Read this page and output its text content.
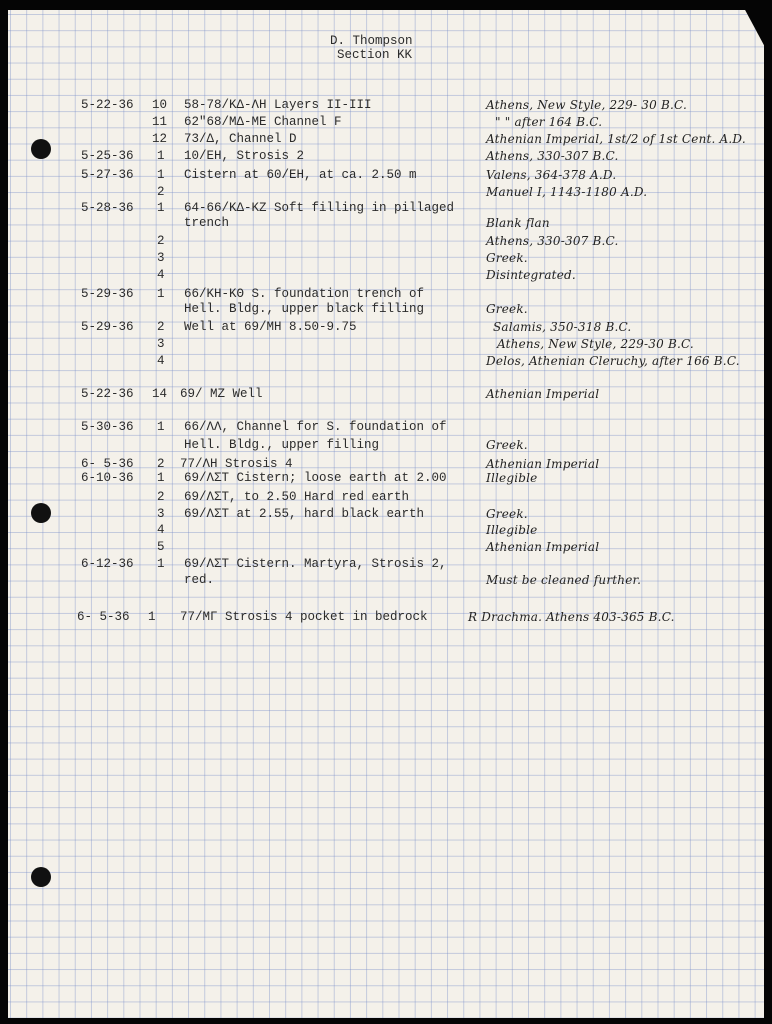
D. Thompson
Section KK
5-22-36 10 58-78/KΔ-ΛH Layers II-III	Athens, New Style, 229- 30 B.C.
11 62"68/MΔ-ME Channel F	" " after 164 B.C.
12 73/Δ, Channel D	Athenian Imperial, 1st/2 of 1st Cent. A.D.
5-25-36 1 10/EH, Strosis 2	Athens, 330-307 B.C.
5-27-36 1 Cistern at 60/EH, at ca. 2.50 m	Valens, 364-378 A.D.
2	Manuel I, 1143-1180 A.D.
5-28-36 1 64-66/KΔ-KZ Soft filling in pillaged
trench	Blank flan
2	Athens, 330-307 B.C.
3	Greek.
4	Disintegrated.
5-29-36 1 66/KH-KΘ S. foundation trench of
Hell. Bldg., upper black filling	Greek.
5-29-36 2 Well at 69/MH 8.50-9.75	Salamis, 350-318 B.C.
3	Athens, New Style, 229-30 B.C.
4	Delos, Athenian Cleruchy, after 166 B.C.
5-22-36 14 69/ MZ Well	Athenian Imperial
5-30-36 1 66/ΛΛ, Channel for S. foundation of
Hell. Bldg., upper filling	Greek.
6- 5-36 2 77/ΛH Strosis 4	Athenian Imperial
6-10-36 1 69/ΛΣT Cistern; loose earth at 2.00	Illegible
2 69/ΛΣT, to 2.50 Hard red earth
3 69/ΛΣT at 2.55, hard black earth	Greek.
4	Illegible
5	Athenian Imperial
6-12-36 1 69/ΛΣT Cistern. Martyra, Strosis 2,
red.	Must be cleaned further.
6- 5-36 1 77/MΓ Strosis 4 pocket in bedrock	R Drachma. Athens 403-365 B.C.
